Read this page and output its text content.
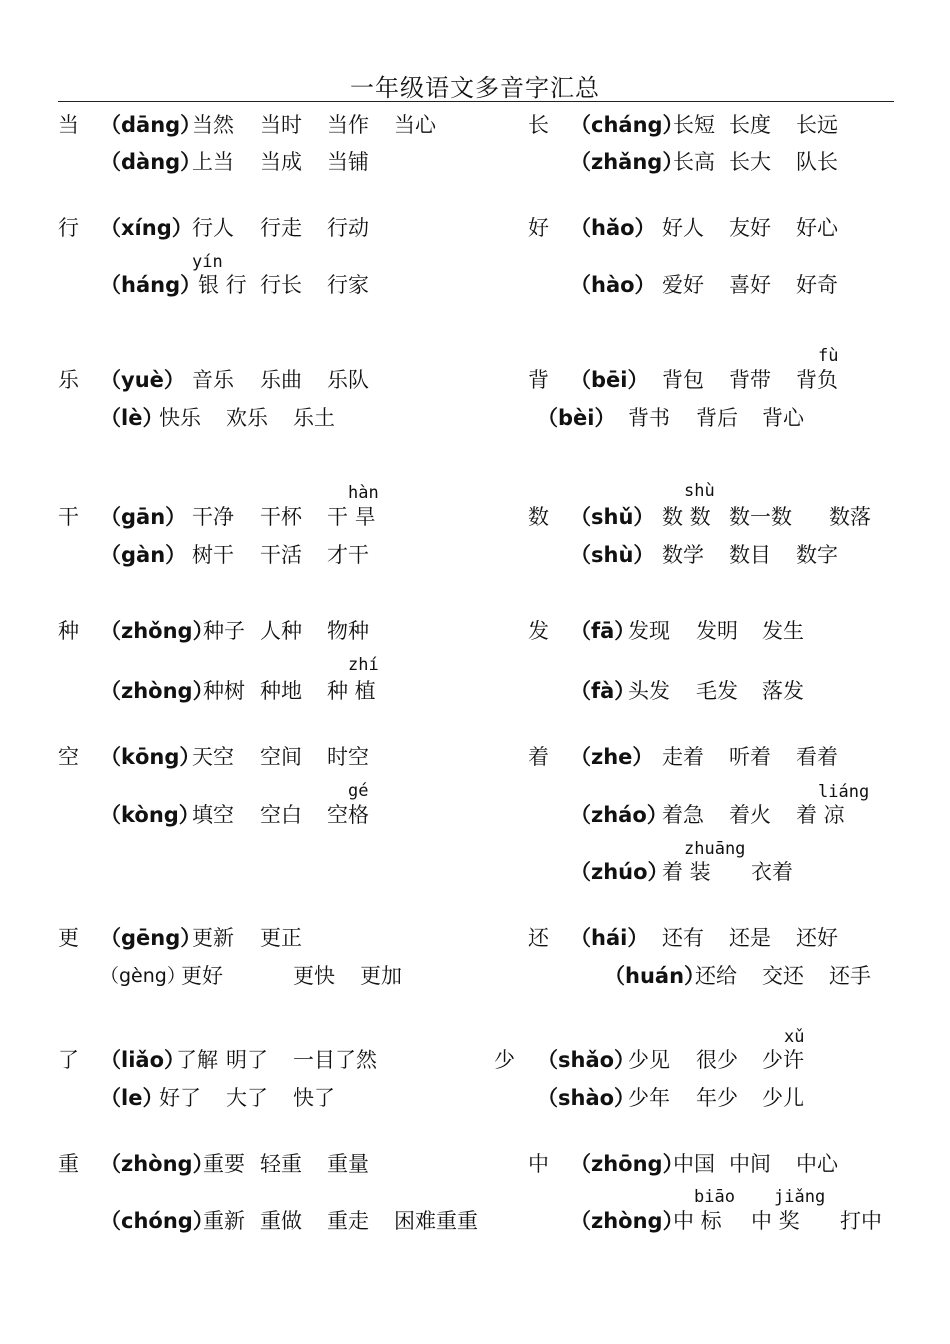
一年级语文多音字汇总
当 （dāng）
当然 当时 当作 当心
（dàng）
上当 当成 当铺
行 （xíng） 行人 行走 行动
yín
（háng）
银 行 行长 行家
乐 （yuè） 音乐 乐曲 乐队
（lè）
快乐 欢乐 乐土
hàn
干 （gān） 干净 干杯 干 旱
（gàn） 树干 干活 才干
种 （zhǒng）
种子 人种 物种
zhí
（zhòng）
种树 种地 种 植
空 （kōng）
天空 空间 时空
gé
（kòng）
填空 空白 空格
更 （gēng）
更新 更正
（gèng）
更好	更快 更加
了 （liǎo）
了解 明了 一目了然
（le）
好了 大了 快了
重 （zhòng）
重要 轻重 重量
（chóng）
重新 重做 重走 困难重重
长 （cháng）
长短 长度 长远
（zhǎng）
长高 长大 队长
好 （hǎo） 好人 友好 好心
（hào） 爱好 喜好 好奇
fù
背 （bēi） 背包 背带 背负
（bèi） 背书 背后 背心
shù
数 （shǔ） 数 数 数一数 数落
（shù） 数学 数目 数字
发 （fā）
发现 发明 发生
（fà）
头发 毛发 落发
着 （zhe） 走着 听着 看着
liáng
（zháo）
着急 着火 着 凉
zhuāng
（zhúo）
着 装 衣着
还 （hái） 还有 还是 还好
（huán）
还给 交还 还手
xǔ
少 （shǎo）
少见 很少 少许
（shào）
少年 年少 少儿
中 （zhōng）
中国 中间 中心
biāo jiǎng
（zhòng）
中 标 中 奖 打中
